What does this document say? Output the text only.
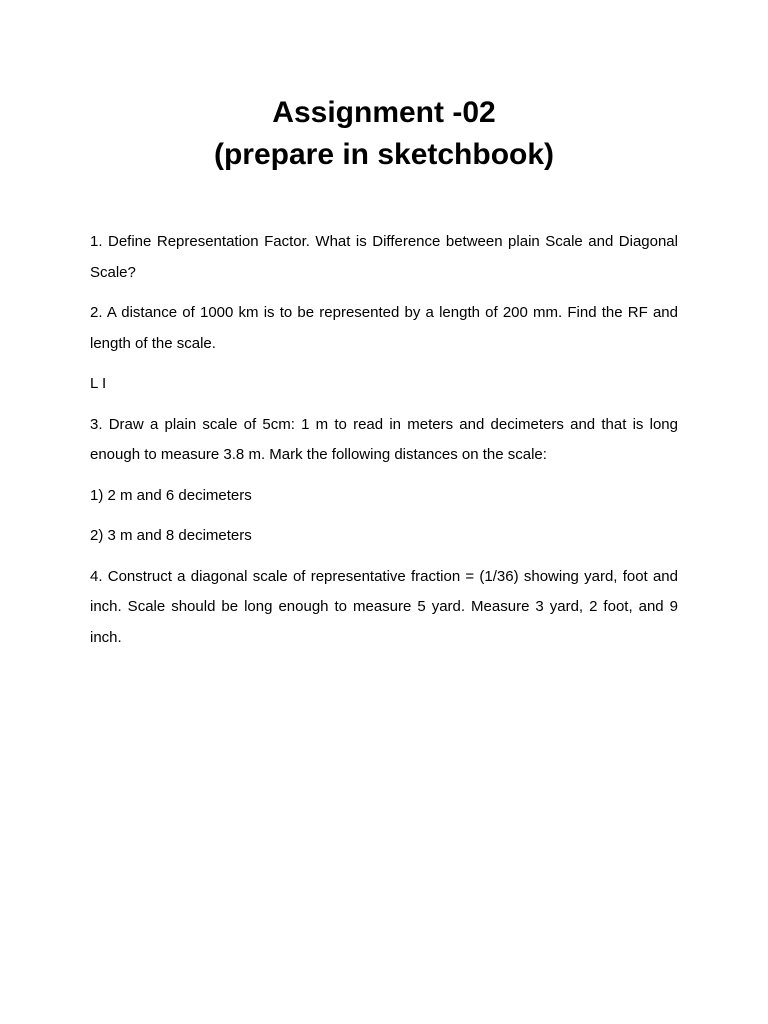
Assignment -02
(prepare in sketchbook)

1. Define Representation Factor. What is Difference between plain Scale and Diagonal Scale?

2. A distance of 1000 km is to be represented by a length of 200 mm. Find the RF and length of the scale.

L I

3. Draw a plain scale of 5cm: 1 m to read in meters and decimeters and that is long enough to measure 3.8 m. Mark the following distances on the scale:

1) 2 m and 6 decimeters

2) 3 m and 8 decimeters

4. Construct a diagonal scale of representative fraction = (1/36) showing yard, foot and inch. Scale should be long enough to measure 5 yard. Measure 3 yard, 2 foot, and 9 inch.
